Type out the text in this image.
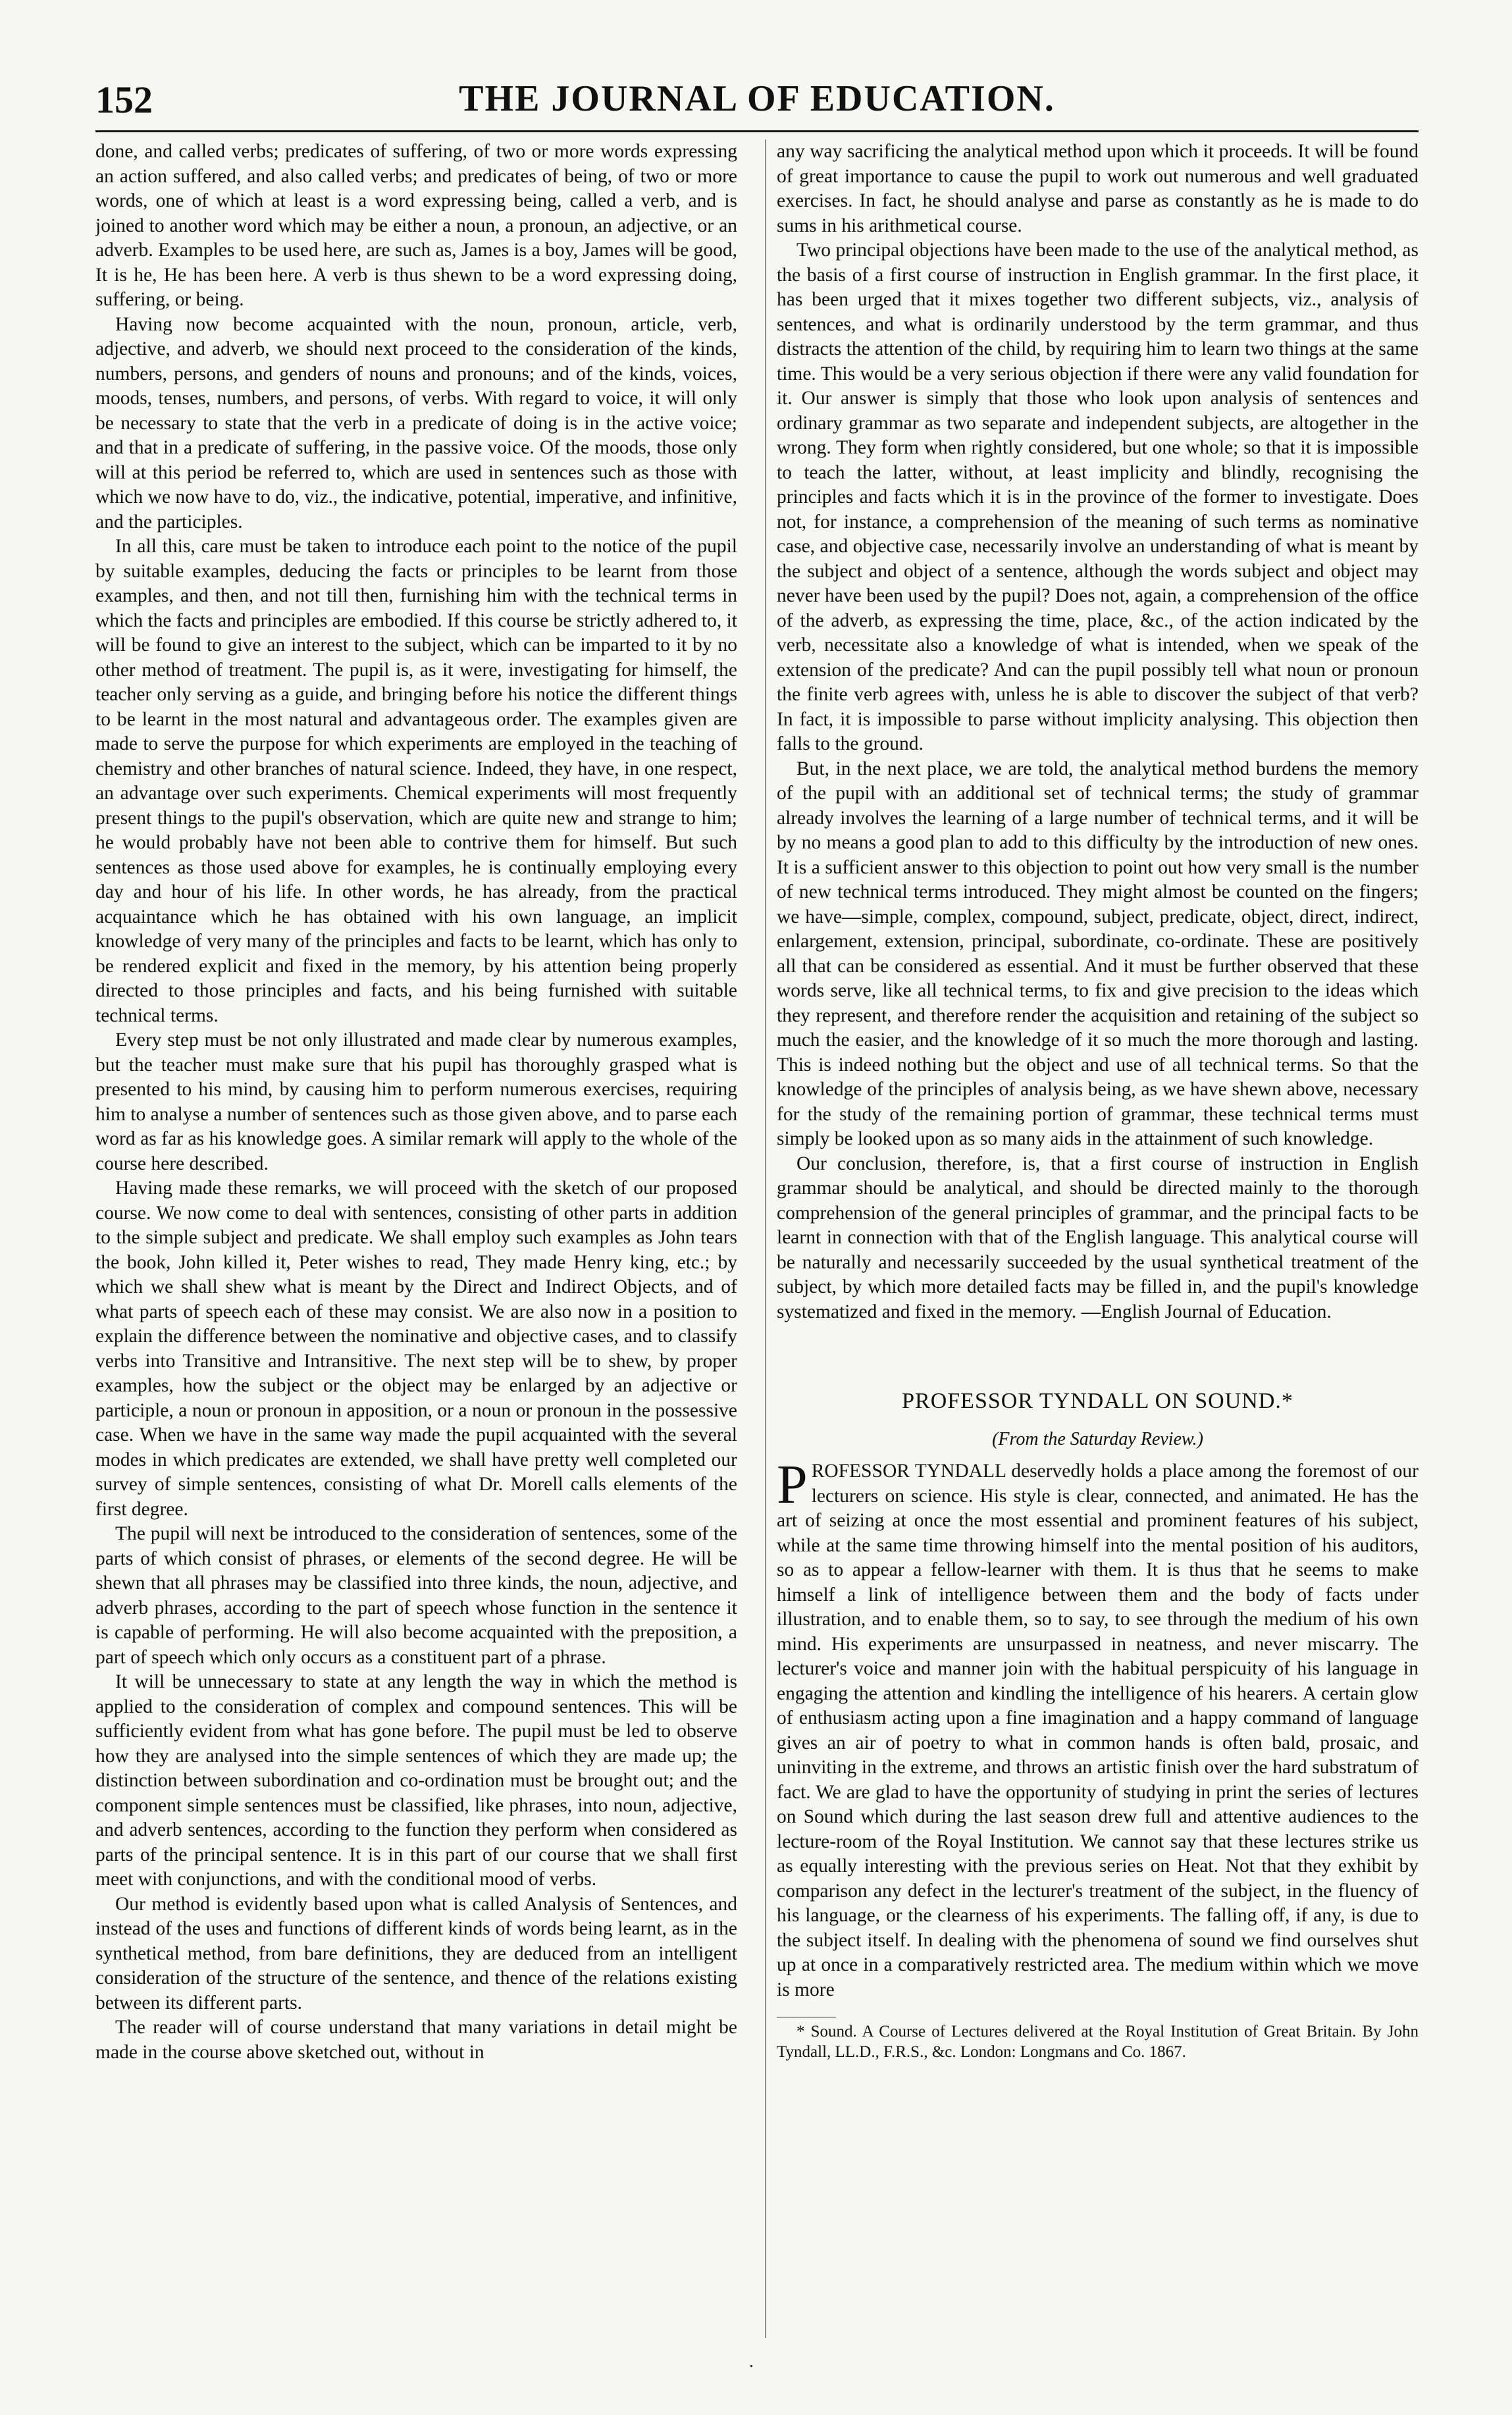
152	THE JOURNAL OF EDUCATION.

done, and called verbs; predicates of suffering, of two or more words expressing an action suffered, and also called verbs; and predicates of being, of two or more words, one of which at least is a word expressing being, called a verb, and is joined to another word which may be either a noun, a pronoun, an adjective, or an adverb. Examples to be used here, are such as, James is a boy, James will be good, It is he, He has been here. A verb is thus shewn to be a word expressing doing, suffering, or being.

Having now become acquainted with the noun, pronoun, article, verb, adjective, and adverb, we should next proceed to the consideration of the kinds, numbers, persons, and genders of nouns and pronouns; and of the kinds, voices, moods, tenses, numbers, and persons, of verbs. With regard to voice, it will only be necessary to state that the verb in a predicate of doing is in the active voice; and that in a predicate of suffering, in the passive voice. Of the moods, those only will at this period be referred to, which are used in sentences such as those with which we now have to do, viz., the indicative, potential, imperative, and infinitive, and the participles.

In all this, care must be taken to introduce each point to the notice of the pupil by suitable examples, deducing the facts or principles to be learnt from those examples, and then, and not till then, furnishing him with the technical terms in which the facts and principles are embodied. If this course be strictly adhered to, it will be found to give an interest to the subject, which can be imparted to it by no other method of treatment. The pupil is, as it were, investigating for himself, the teacher only serving as a guide, and bringing before his notice the different things to be learnt in the most natural and advantageous order. The examples given are made to serve the purpose for which experiments are employed in the teaching of chemistry and other branches of natural science. Indeed, they have, in one respect, an advantage over such experiments. Chemical experiments will most frequently present things to the pupil's observation, which are quite new and strange to him; he would probably have not been able to contrive them for himself. But such sentences as those used above for examples, he is continually employing every day and hour of his life. In other words, he has already, from the practical acquaintance which he has obtained with his own language, an implicit knowledge of very many of the principles and facts to be learnt, which has only to be rendered explicit and fixed in the memory, by his attention being properly directed to those principles and facts, and his being furnished with suitable technical terms.

Every step must be not only illustrated and made clear by numerous examples, but the teacher must make sure that his pupil has thoroughly grasped what is presented to his mind, by causing him to perform numerous exercises, requiring him to analyse a number of sentences such as those given above, and to parse each word as far as his knowledge goes. A similar remark will apply to the whole of the course here described.

Having made these remarks, we will proceed with the sketch of our proposed course. We now come to deal with sentences, consisting of other parts in addition to the simple subject and predicate. We shall employ such examples as John tears the book, John killed it, Peter wishes to read, They made Henry king, etc.; by which we shall shew what is meant by the Direct and Indirect Objects, and of what parts of speech each of these may consist. We are also now in a position to explain the difference between the nominative and objective cases, and to classify verbs into Transitive and Intransitive. The next step will be to shew, by proper examples, how the subject or the object may be enlarged by an adjective or participle, a noun or pronoun in apposition, or a noun or pronoun in the possessive case. When we have in the same way made the pupil acquainted with the several modes in which predicates are extended, we shall have pretty well completed our survey of simple sentences, consisting of what Dr. Morell calls elements of the first degree.

The pupil will next be introduced to the consideration of sentences, some of the parts of which consist of phrases, or elements of the second degree. He will be shewn that all phrases may be classified into three kinds, the noun, adjective, and adverb phrases, according to the part of speech whose function in the sentence it is capable of performing. He will also become acquainted with the preposition, a part of speech which only occurs as a constituent part of a phrase.

It will be unnecessary to state at any length the way in which the method is applied to the consideration of complex and compound sentences. This will be sufficiently evident from what has gone before. The pupil must be led to observe how they are analysed into the simple sentences of which they are made up; the distinction between subordination and co-ordination must be brought out; and the component simple sentences must be classified, like phrases, into noun, adjective, and adverb sentences, according to the function they perform when considered as parts of the principal sentence. It is in this part of our course that we shall first meet with conjunctions, and with the conditional mood of verbs.

Our method is evidently based upon what is called Analysis of Sentences, and instead of the uses and functions of different kinds of words being learnt, as in the synthetical method, from bare definitions, they are deduced from an intelligent consideration of the structure of the sentence, and thence of the relations existing between its different parts.

The reader will of course understand that many variations in detail might be made in the course above sketched out, without in

any way sacrificing the analytical method upon which it proceeds. It will be found of great importance to cause the pupil to work out numerous and well graduated exercises. In fact, he should analyse and parse as constantly as he is made to do sums in his arithmetical course.

Two principal objections have been made to the use of the analytical method, as the basis of a first course of instruction in English grammar. In the first place, it has been urged that it mixes together two different subjects, viz., analysis of sentences, and what is ordinarily understood by the term grammar, and thus distracts the attention of the child, by requiring him to learn two things at the same time. This would be a very serious objection if there were any valid foundation for it. Our answer is simply that those who look upon analysis of sentences and ordinary grammar as two separate and independent subjects, are altogether in the wrong. They form when rightly considered, but one whole; so that it is impossible to teach the latter, without, at least implicity and blindly, recognising the principles and facts which it is in the province of the former to investigate. Does not, for instance, a comprehension of the meaning of such terms as nominative case, and objective case, necessarily involve an understanding of what is meant by the subject and object of a sentence, although the words subject and object may never have been used by the pupil? Does not, again, a comprehension of the office of the adverb, as expressing the time, place, &c., of the action indicated by the verb, necessitate also a knowledge of what is intended, when we speak of the extension of the predicate? And can the pupil possibly tell what noun or pronoun the finite verb agrees with, unless he is able to discover the subject of that verb? In fact, it is impossible to parse without implicity analysing. This objection then falls to the ground.

But, in the next place, we are told, the analytical method burdens the memory of the pupil with an additional set of technical terms; the study of grammar already involves the learning of a large number of technical terms, and it will be by no means a good plan to add to this difficulty by the introduction of new ones. It is a sufficient answer to this objection to point out how very small is the number of new technical terms introduced. They might almost be counted on the fingers; we have—simple, complex, compound, subject, predicate, object, direct, indirect, enlargement, extension, principal, subordinate, co-ordinate. These are positively all that can be considered as essential. And it must be further observed that these words serve, like all technical terms, to fix and give precision to the ideas which they represent, and therefore render the acquisition and retaining of the subject so much the easier, and the knowledge of it so much the more thorough and lasting. This is indeed nothing but the object and use of all technical terms. So that the knowledge of the principles of analysis being, as we have shewn above, necessary for the study of the remaining portion of grammar, these technical terms must simply be looked upon as so many aids in the attainment of such knowledge.

Our conclusion, therefore, is, that a first course of instruction in English grammar should be analytical, and should be directed mainly to the thorough comprehension of the general principles of grammar, and the principal facts to be learnt in connection with that of the English language. This analytical course will be naturally and necessarily succeeded by the usual synthetical treatment of the subject, by which more detailed facts may be filled in, and the pupil's knowledge systematized and fixed in the memory. —English Journal of Education.

PROFESSOR TYNDALL ON SOUND.*
(From the Saturday Review.)

PROFESSOR TYNDALL deservedly holds a place among the foremost of our lecturers on science. His style is clear, connected, and animated. He has the art of seizing at once the most essential and prominent features of his subject, while at the same time throwing himself into the mental position of his auditors, so as to appear a fellow-learner with them. It is thus that he seems to make himself a link of intelligence between them and the body of facts under illustration, and to enable them, so to say, to see through the medium of his own mind. His experiments are unsurpassed in neatness, and never miscarry. The lecturer's voice and manner join with the habitual perspicuity of his language in engaging the attention and kindling the intelligence of his hearers. A certain glow of enthusiasm acting upon a fine imagination and a happy command of language gives an air of poetry to what in common hands is often bald, prosaic, and uninviting in the extreme, and throws an artistic finish over the hard substratum of fact. We are glad to have the opportunity of studying in print the series of lectures on Sound which during the last season drew full and attentive audiences to the lecture-room of the Royal Institution. We cannot say that these lectures strike us as equally interesting with the previous series on Heat. Not that they exhibit by comparison any defect in the lecturer's treatment of the subject, in the fluency of his language, or the clearness of his experiments. The falling off, if any, is due to the subject itself. In dealing with the phenomena of sound we find ourselves shut up at once in a comparatively restricted area. The medium within which we move is more

* Sound. A Course of Lectures delivered at the Royal Institution of Great Britain. By John Tyndall, LL.D., F.R.S., &c. London: Longmans and Co. 1867.

.
